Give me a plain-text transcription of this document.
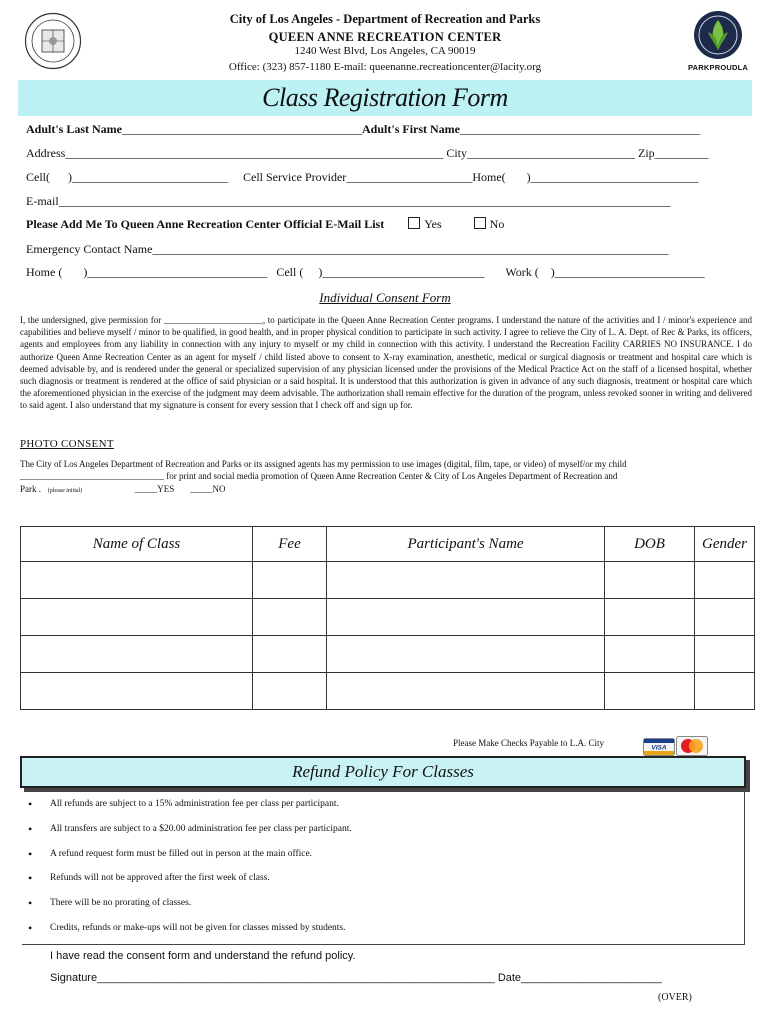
City of Los Angeles - Department of Recreation and Parks
QUEEN ANNE RECREATION CENTER
1240 West Blvd, Los Angeles, CA 90019
Office: (323) 857-1180 E-mail: queenanne.recreationcenter@lacity.org	PARKPROUDLA
Class Registration Form
Adult's Last Name________________________________________Adult's First Name________________________________________
Address_______________________________________________________________ City____________________________ Zip_________
Cell(      )__________________________ Cell Service Provider_____________________Home(       )____________________________
E-mail______________________________________________________________________________________________________
Please Add Me To Queen Anne Recreation Center Official E-Mail List	Yes	No
Emergency Contact Name______________________________________________________________________________________
Home (       )______________________________ Cell (     )___________________________ Work (    )_________________________
Individual Consent Form
I, the undersigned, give permission for ______________________, to participate in the Queen Anne Recreation Center programs. I understand the nature of the activities and I / minor's experience and capabilities and believe myself / minor to be qualified, in good health, and in proper physical condition to participate in such activity. I agree to relieve the City of L. A. Dept. of Rec & Parks, its officers, agents and employees from any liability in connection with any injury to myself or my child in connection with this activity. I understand the Recreation Facility CARRIES NO INSURANCE. I do authorize Queen Anne Recreation Center as an agent for myself / child listed above to consent to X-ray examination, anesthetic, medical or surgical diagnosis or treatment and hospital care which is deemed advisable by, and is rendered under the general or specialized supervision of any physician licensed under the provisions of the Medical Practice Act on the staff of a licensed hospital, whether such diagnosis or treatment is rendered at the office of said physician or a said hospital. It is understood that this authorization is given in advance of any such diagnosis, treatment or hospital care which the aforementioned physician in the exercise of the judgment may deem advisable. The authorization shall remain effective for the duration of the program, unless revoked sooner in writing and delivered to said agent. I also understand that my signature is consent for every session that I check off and sign up for.
PHOTO CONSENT
The City of Los Angeles Department of Recreation and Parks or its assigned agents has my permission to use images (digital, film, tape, or video) of myself/or my child
________________________________ for print and social media promotion of Queen Anne Recreation Center & City of Los Angeles Department of Recreation and
Park . (please initial)	_____YES _____NO
Name of Class	Fee	Participant's Name	DOB	Gender

Please Make Checks Payable to L.A. City	VISA
Refund Policy For Classes
• All refunds are subject to a 15% administration fee per class per participant.
• All transfers are subject to a $20.00 administration fee per class per participant.
• A refund request form must be filled out in person at the main office.
• Refunds will not be approved after the first week of class.
• There will be no prorating of classes.
• Credits, refunds or make-ups will not be given for classes missed by students.
I have read the consent form and understand the refund policy.
Signature_________________________________________________________________ Date_______________________
(OVER)
